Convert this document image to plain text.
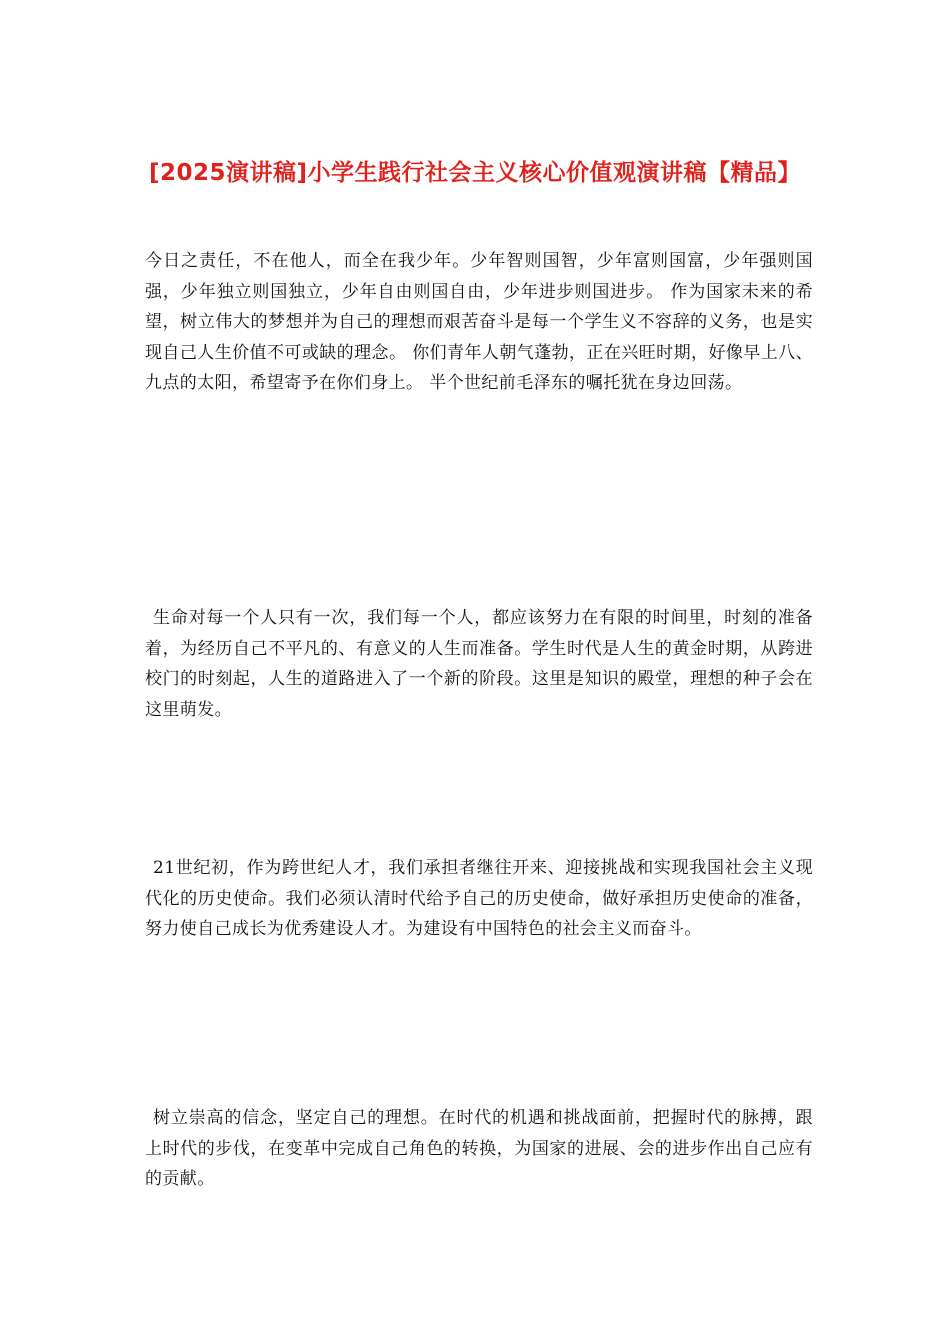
[2025演讲稿]小学生践行社会主义核心价值观演讲稿【精品】

今日之责任，不在他人，而全在我少年。少年智则国智，少年富则国富，少年强则国强，少年独立则国独立，少年自由则国自由，少年进步则国进步。 作为国家未来的希望，树立伟大的梦想并为自己的理想而艰苦奋斗是每一个学生义不容辞的义务，也是实现自己人生价值不可或缺的理念。 你们青年人朝气蓬勃，正在兴旺时期，好像早上八、九点的太阳，希望寄予在你们身上。 半个世纪前毛泽东的嘱托犹在身边回荡。

生命对每一个人只有一次，我们每一个人，都应该努力在有限的时间里，时刻的准备着，为经历自己不平凡的、有意义的人生而准备。学生时代是人生的黄金时期，从跨进校门的时刻起，人生的道路进入了一个新的阶段。这里是知识的殿堂，理想的种子会在这里萌发。

21世纪初，作为跨世纪人才，我们承担者继往开来、迎接挑战和实现我国社会主义现代化的历史使命。我们必须认清时代给予自己的历史使命，做好承担历史使命的准备，努力使自己成长为优秀建设人才。为建设有中国特色的社会主义而奋斗。

树立崇高的信念，坚定自己的理想。在时代的机遇和挑战面前，把握时代的脉搏，跟上时代的步伐，在变革中完成自己角色的转换，为国家的进展、会的进步作出自己应有的贡献。
